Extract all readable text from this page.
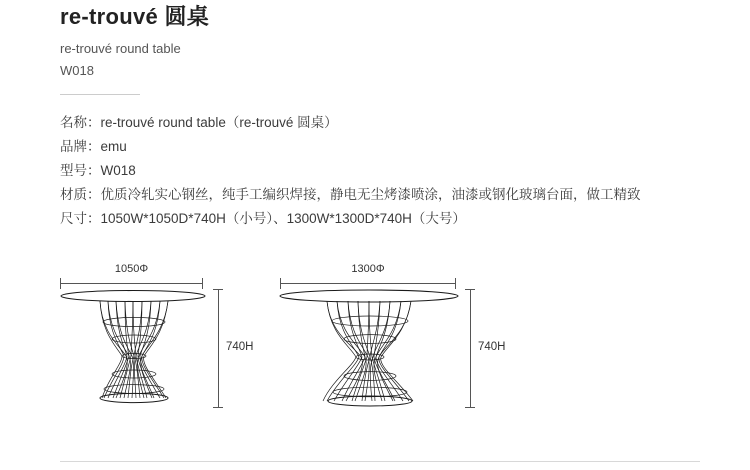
re-trouvé 圆桌
re-trouvé round table
W018
名称：re-trouvé round table（re-trouvé 圆桌）
品牌：emu
型号：W018
材质：优质冷轧实心钢丝，纯手工编织焊接，静电无尘烤漆喷涂，油漆或钢化玻璃台面，做工精致
尺寸：1050W*1050D*740H（小号）、1300W*1300D*740H（大号）
1050Φ
740H
1300Φ
740H
